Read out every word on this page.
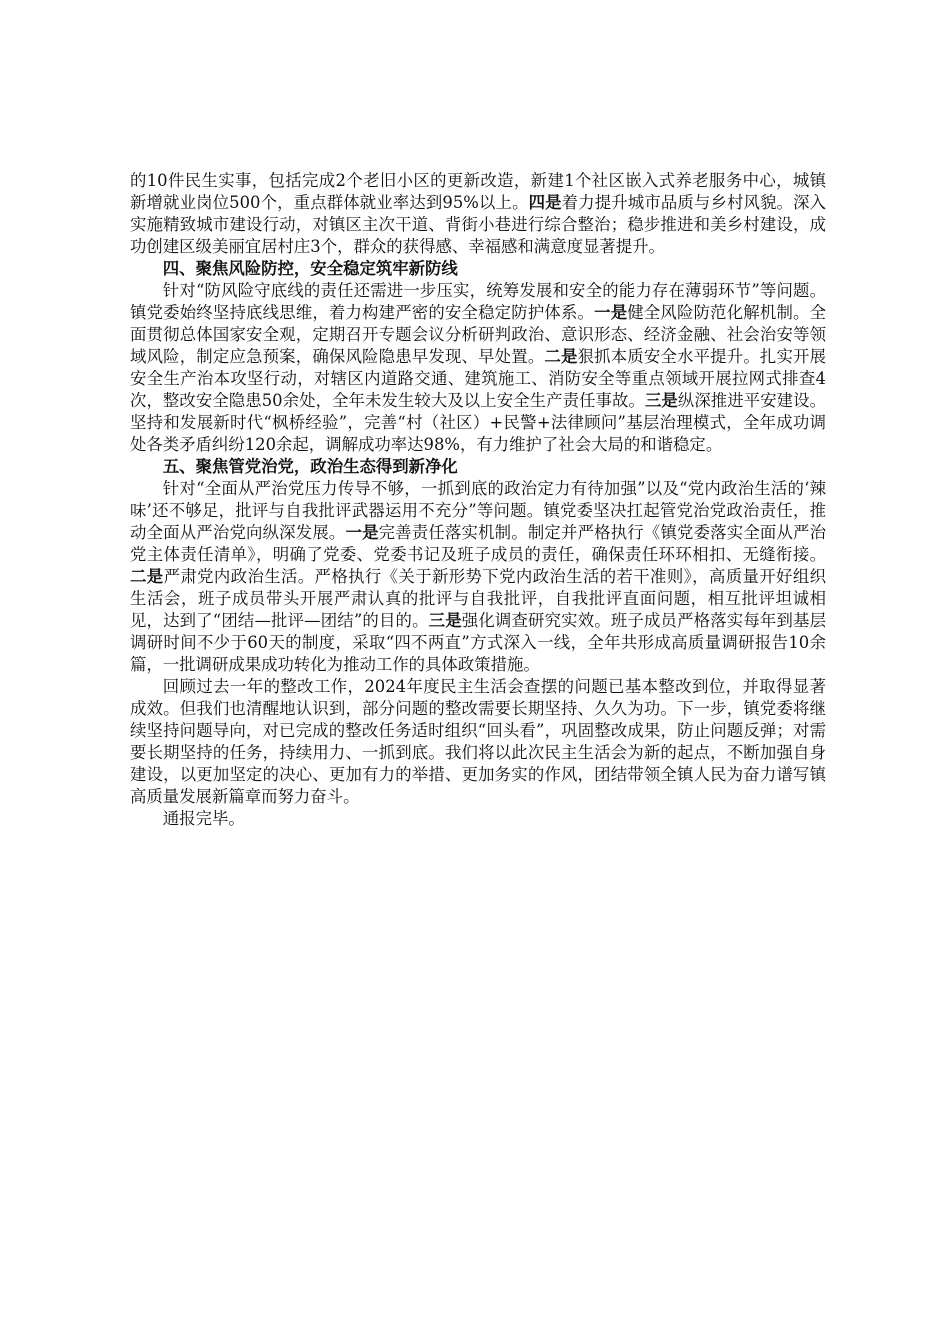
的10件民生实事，包括完成2个老旧小区的更新改造，新建1个社区嵌入式养老服务中心，城镇新增就业岗位500个，重点群体就业率达到95%以上。四是着力提升城市品质与乡村风貌。深入实施精致城市建设行动，对镇区主次干道、背街小巷进行综合整治；稳步推进和美乡村建设，成功创建区级美丽宜居村庄3个，群众的获得感、幸福感和满意度显著提升。

四、聚焦风险防控，安全稳定筑牢新防线

针对“防风险守底线的责任还需进一步压实，统筹发展和安全的能力存在薄弱环节”等问题。镇党委始终坚持底线思维，着力构建严密的安全稳定防护体系。一是健全风险防范化解机制。全面贯彻总体国家安全观，定期召开专题会议分析研判政治、意识形态、经济金融、社会治安等领域风险，制定应急预案，确保风险隐患早发现、早处置。二是狠抓本质安全水平提升。扎实开展安全生产治本攻坚行动，对辖区内道路交通、建筑施工、消防安全等重点领域开展拉网式排查4次，整改安全隐患50余处，全年未发生较大及以上安全生产责任事故。三是纵深推进平安建设。坚持和发展新时代“枫桥经验”，完善“村（社区）+民警+法律顾问”基层治理模式，全年成功调处各类矛盾纠纷120余起，调解成功率达98%，有力维护了社会大局的和谐稳定。

五、聚焦管党治党，政治生态得到新净化

针对“全面从严治党压力传导不够，一抓到底的政治定力有待加强”以及“党内政治生活的‘辣味’还不够足，批评与自我批评武器运用不充分”等问题。镇党委坚决扛起管党治党政治责任，推动全面从严治党向纵深发展。一是完善责任落实机制。制定并严格执行《镇党委落实全面从严治党主体责任清单》，明确了党委、党委书记及班子成员的责任，确保责任环环相扣、无缝衔接。二是严肃党内政治生活。严格执行《关于新形势下党内政治生活的若干准则》，高质量开好组织生活会，班子成员带头开展严肃认真的批评与自我批评，自我批评直面问题，相互批评坦诚相见，达到了“团结—批评—团结”的目的。三是强化调查研究实效。班子成员严格落实每年到基层调研时间不少于60天的制度，采取“四不两直”方式深入一线，全年共形成高质量调研报告10余篇，一批调研成果成功转化为推动工作的具体政策措施。

回顾过去一年的整改工作，2024年度民主生活会查摆的问题已基本整改到位，并取得显著成效。但我们也清醒地认识到，部分问题的整改需要长期坚持、久久为功。下一步，镇党委将继续坚持问题导向，对已完成的整改任务适时组织“回头看”，巩固整改成果，防止问题反弹；对需要长期坚持的任务，持续用力、一抓到底。我们将以此次民主生活会为新的起点，不断加强自身建设，以更加坚定的决心、更加有力的举措、更加务实的作风，团结带领全镇人民为奋力谱写镇高质量发展新篇章而努力奋斗。

通报完毕。
